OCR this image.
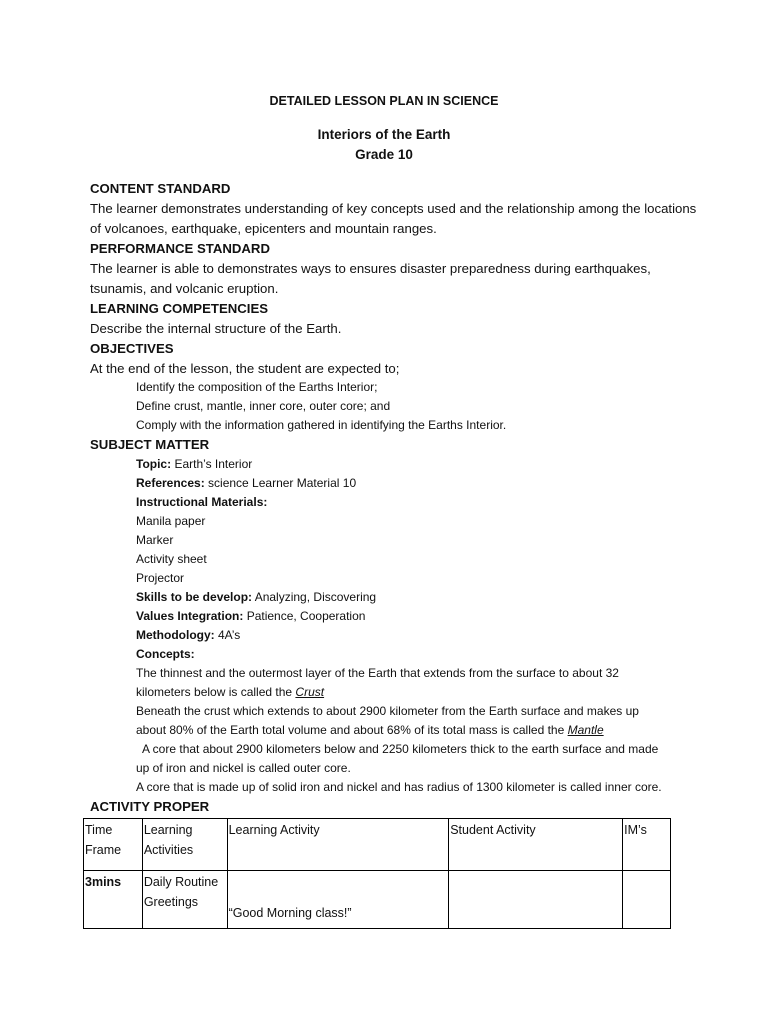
DETAILED LESSON PLAN IN SCIENCE
Interiors of the Earth
Grade 10
CONTENT STANDARD
The learner demonstrates understanding of key concepts used and the relationship among the locations
of volcanoes, earthquake, epicenters and mountain ranges.
PERFORMANCE STANDARD
The learner is able to demonstrates ways to ensures disaster preparedness during earthquakes,
tsunamis, and volcanic eruption.
LEARNING COMPETENCIES
Describe the internal structure of the Earth.
OBJECTIVES
At the end of the lesson, the student are expected to;
Identify the composition of the Earths Interior;
Define crust, mantle, inner core, outer core; and
Comply with the information gathered in identifying the Earths Interior.
SUBJECT MATTER
Topic: Earth’s Interior
References: science Learner Material 10
Instructional Materials:
Manila paper
Marker
Activity sheet
Projector
Skills to be develop: Analyzing, Discovering
Values Integration: Patience, Cooperation
Methodology: 4A’s
Concepts:
The thinnest and the outermost layer of the Earth that extends from the surface to about 32
kilometers below is called the Crust
Beneath the crust which extends to about 2900 kilometer from the Earth surface and makes up
about 80% of the Earth total volume and about 68% of its total mass is called the Mantle
A core that about 2900 kilometers below and 2250 kilometers thick to the earth surface and made
up of iron and nickel is called outer core.
A core that is made up of solid iron and nickel and has radius of 1300 kilometer is called inner core.
ACTIVITY PROPER
Time Frame	Learning Activities	Learning Activity	Student Activity	IM’s
3mins	Daily Routine Greetings	“Good Morning class!”		
